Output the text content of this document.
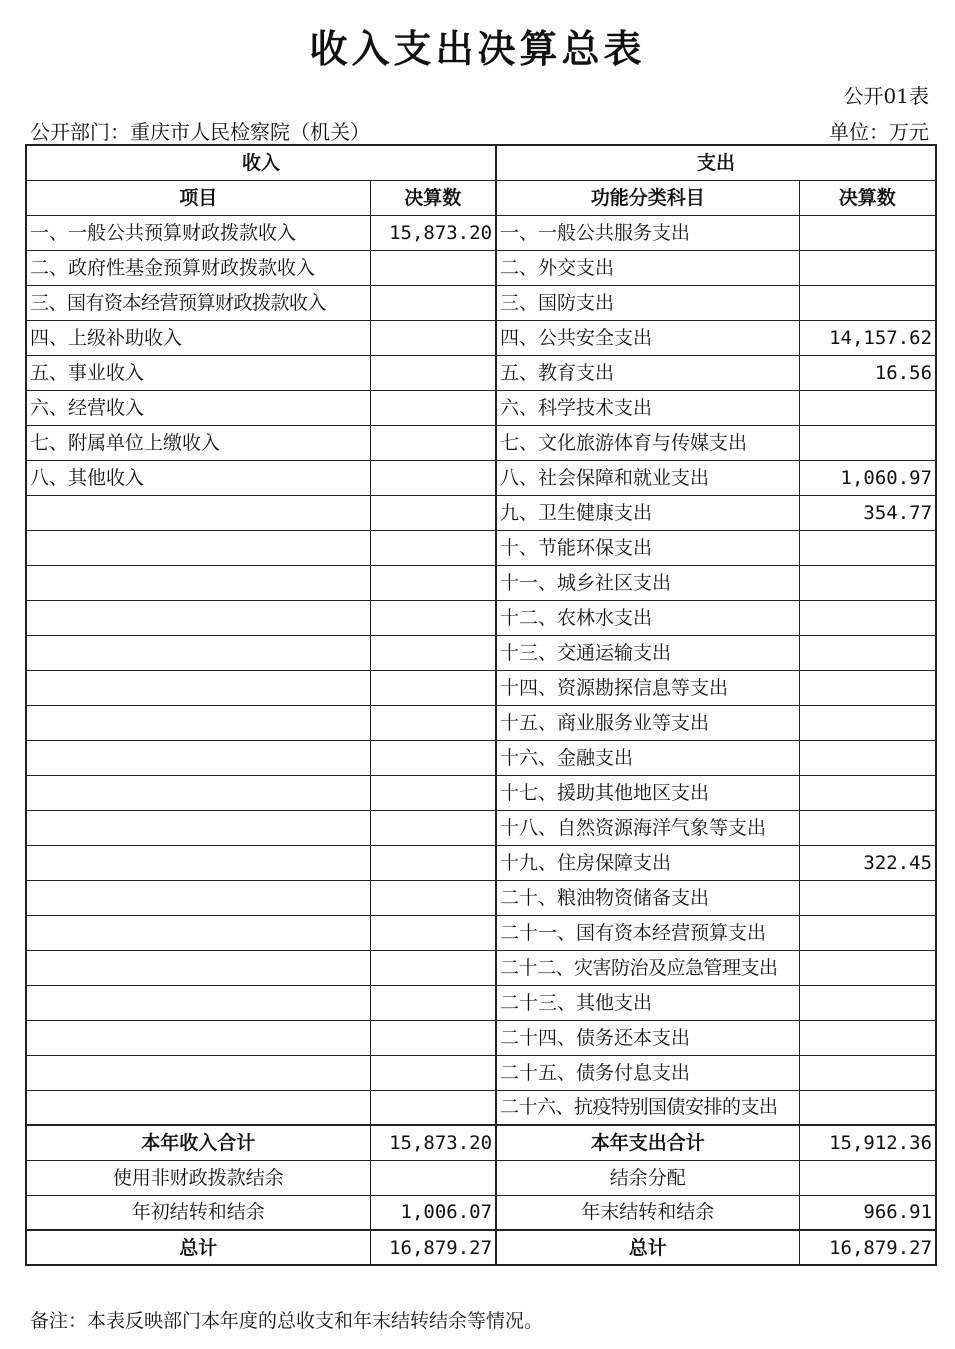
收入支出决算总表
公开01表
公开部门：重庆市人民检察院（机关）	单位：万元
收入		支出	
项目	决算数	功能分类科目	决算数
一、一般公共预算财政拨款收入	15,873.20	一、一般公共服务支出	
二、政府性基金预算财政拨款收入		二、外交支出	
三、国有资本经营预算财政拨款收入		三、国防支出	
四、上级补助收入		四、公共安全支出	14,157.62
五、事业收入		五、教育支出	16.56
六、经营收入		六、科学技术支出	
七、附属单位上缴收入		七、文化旅游体育与传媒支出	
八、其他收入		八、社会保障和就业支出	1,060.97
		九、卫生健康支出	354.77
		十、节能环保支出	
		十一、城乡社区支出	
		十二、农林水支出	
		十三、交通运输支出	
		十四、资源勘探信息等支出	
		十五、商业服务业等支出	
		十六、金融支出	
		十七、援助其他地区支出	
		十八、自然资源海洋气象等支出	
		十九、住房保障支出	322.45
		二十、粮油物资储备支出	
		二十一、国有资本经营预算支出	
		二十二、灾害防治及应急管理支出	
		二十三、其他支出	
		二十四、债务还本支出	
		二十五、债务付息支出	
		二十六、抗疫特别国债安排的支出	
本年收入合计	15,873.20	本年支出合计	15,912.36
使用非财政拨款结余		结余分配	
年初结转和结余	1,006.07	年末结转和结余	966.91
总计	16,879.27	总计	16,879.27
备注：本表反映部门本年度的总收支和年末结转结余等情况。
